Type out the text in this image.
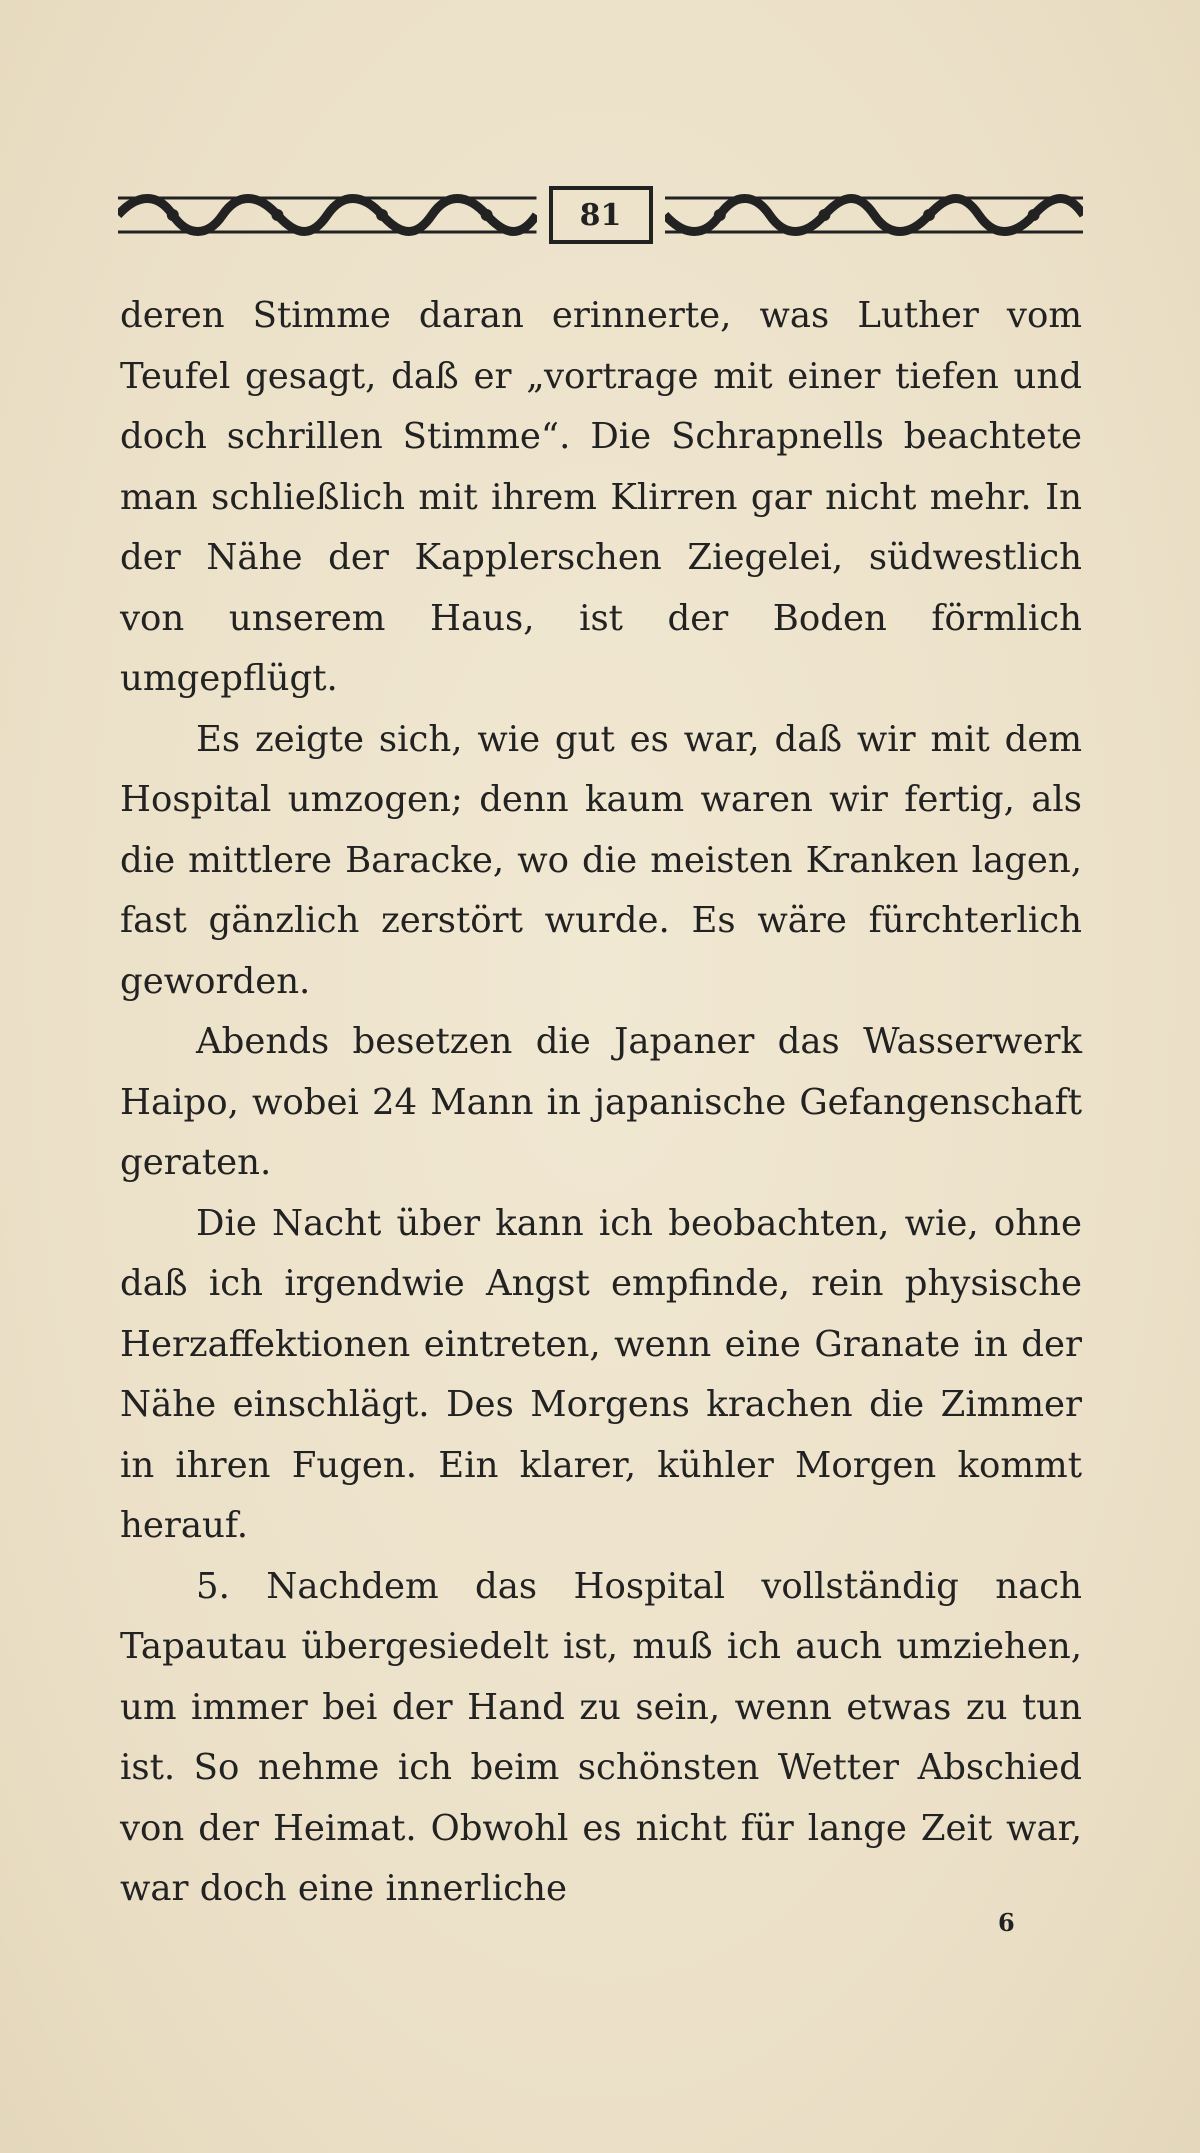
81

deren Stimme daran erinnerte, was Luther vom Teufel gesagt, daß er „vortrage mit einer tiefen und doch schrillen Stimme“. Die Schrapnells beachtete man schließlich mit ihrem Klirren gar nicht mehr. In der Nähe der Kapplerschen Ziegelei, südwestlich von unserem Haus, ist der Boden förmlich umgepflügt.

Es zeigte sich, wie gut es war, daß wir mit dem Hospital umzogen; denn kaum waren wir fertig, als die mittlere Baracke, wo die meisten Kranken lagen, fast gänzlich zerstört wurde. Es wäre fürchterlich geworden.

Abends besetzen die Japaner das Wasserwerk Haipo, wobei 24 Mann in japanische Gefangenschaft geraten.

Die Nacht über kann ich beobachten, wie, ohne daß ich irgendwie Angst empfinde, rein physische Herzaffektionen eintreten, wenn eine Granate in der Nähe einschlägt. Des Morgens krachen die Zimmer in ihren Fugen. Ein klarer, kühler Morgen kommt herauf.

5. Nachdem das Hospital vollständig nach Tapautau übergesiedelt ist, muß ich auch umziehen, um immer bei der Hand zu sein, wenn etwas zu tun ist. So nehme ich beim schönsten Wetter Abschied von der Heimat. Obwohl es nicht für lange Zeit war, war doch eine innerliche

6
